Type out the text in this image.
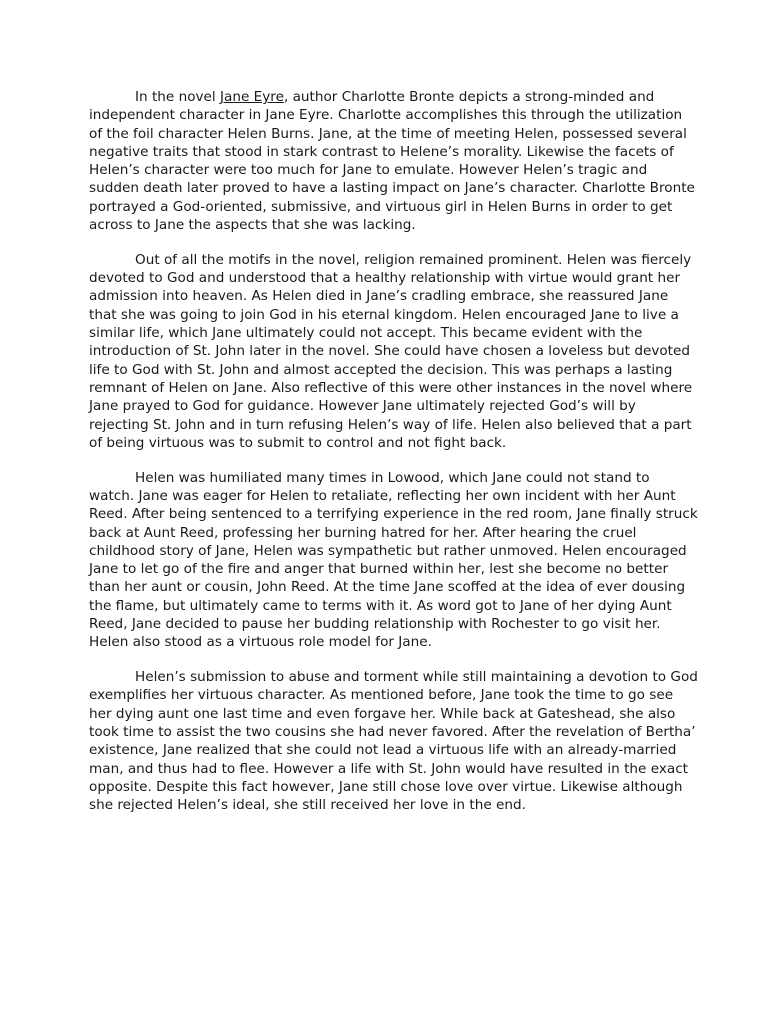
In the novel Jane Eyre, author Charlotte Bronte depicts a strong-minded and independent character in Jane Eyre. Charlotte accomplishes this through the utilization of the foil character Helen Burns. Jane, at the time of meeting Helen, possessed several negative traits that stood in stark contrast to Helene’s morality. Likewise the facets of Helen’s character were too much for Jane to emulate. However Helen’s tragic and sudden death later proved to have a lasting impact on Jane’s character. Charlotte Bronte portrayed a God-oriented, submissive, and virtuous girl in Helen Burns in order to get across to Jane the aspects that she was lacking.

Out of all the motifs in the novel, religion remained prominent. Helen was fiercely devoted to God and understood that a healthy relationship with virtue would grant her admission into heaven. As Helen died in Jane’s cradling embrace, she reassured Jane that she was going to join God in his eternal kingdom. Helen encouraged Jane to live a similar life, which Jane ultimately could not accept. This became evident with the introduction of St. John later in the novel. She could have chosen a loveless but devoted life to God with St. John and almost accepted the decision. This was perhaps a lasting remnant of Helen on Jane. Also reflective of this were other instances in the novel where Jane prayed to God for guidance. However Jane ultimately rejected God’s will by rejecting St. John and in turn refusing Helen’s way of life. Helen also believed that a part of being virtuous was to submit to control and not fight back.

Helen was humiliated many times in Lowood, which Jane could not stand to watch. Jane was eager for Helen to retaliate, reflecting her own incident with her Aunt Reed. After being sentenced to a terrifying experience in the red room, Jane finally struck back at Aunt Reed, professing her burning hatred for her. After hearing the cruel childhood story of Jane, Helen was sympathetic but rather unmoved. Helen encouraged Jane to let go of the fire and anger that burned within her, lest she become no better than her aunt or cousin, John Reed. At the time Jane scoffed at the idea of ever dousing the flame, but ultimately came to terms with it. As word got to Jane of her dying Aunt Reed, Jane decided to pause her budding relationship with Rochester to go visit her. Helen also stood as a virtuous role model for Jane.

Helen’s submission to abuse and torment while still maintaining a devotion to God exemplifies her virtuous character. As mentioned before, Jane took the time to go see her dying aunt one last time and even forgave her. While back at Gateshead, she also took time to assist the two cousins she had never favored. After the revelation of Bertha’ existence, Jane realized that she could not lead a virtuous life with an already-married man, and thus had to flee. However a life with St. John would have resulted in the exact opposite. Despite this fact however, Jane still chose love over virtue. Likewise although she rejected Helen’s ideal, she still received her love in the end.
